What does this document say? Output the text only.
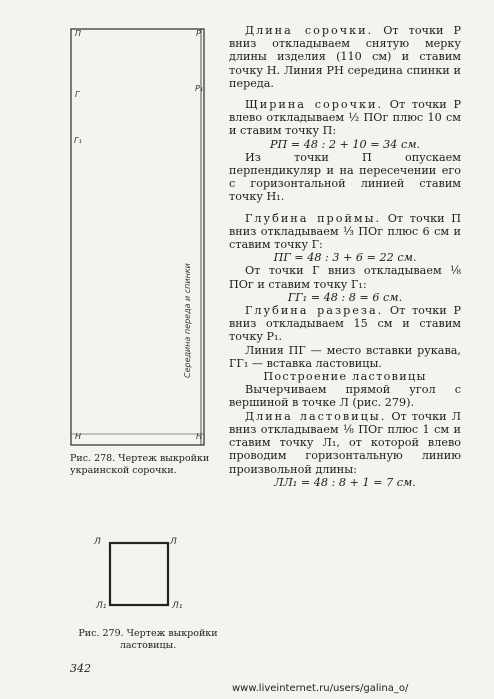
П	Р
Р₁
Г
Г₁
Н	H
Середина переда и спинки
Рис. 278. Чертеж выкройки украинской сорочки.
Л	Л
Л₁	Л₁
Рис. 279. Чертеж выкройки ластовицы.
342
www.liveinternet.ru/users/galina_o/

Длина сорочки. От точки Р вниз откладываем снятую мерку длины изделия (110 см) и ставим точку Н. Линия РН середина спинки и переда.

Щирина сорочки. От точки Р влево откладываем ½ ПОг плюс 10 см и ставим точку П:

РП = 48 : 2 + 10 = 34 см.

Из точки П опускаем перпендикуляр и на пересечении его с горизонтальной линией ставим точку Н₁.

Глубина проймы. От точки П вниз откладываем ⅓ ПОг плюс 6 см и ставим точку Г:

ПГ = 48 : 3 + 6 = 22 см.

От точки Г вниз откладываем ⅛ ПОг и ставим точку Г₁:

ГГ₁ = 48 : 8 = 6 см.

Глубина разреза. От точки Р вниз откладываем 15 см и ставим точку Р₁.

Линия ПГ — место вставки рукава, ГГ₁ — вставка ластовицы.

Построение ластовицы

Вычерчиваем прямой угол с вершиной в точке Л (рис. 279).

Длина ластовицы. От точки Л вниз откладываем ⅛ ПОг плюс 1 см и ставим точку Л₁, от которой влево проводим горизонтальную линию произвольной длины:

ЛЛ₁ = 48 : 8 + 1 = 7 см.
